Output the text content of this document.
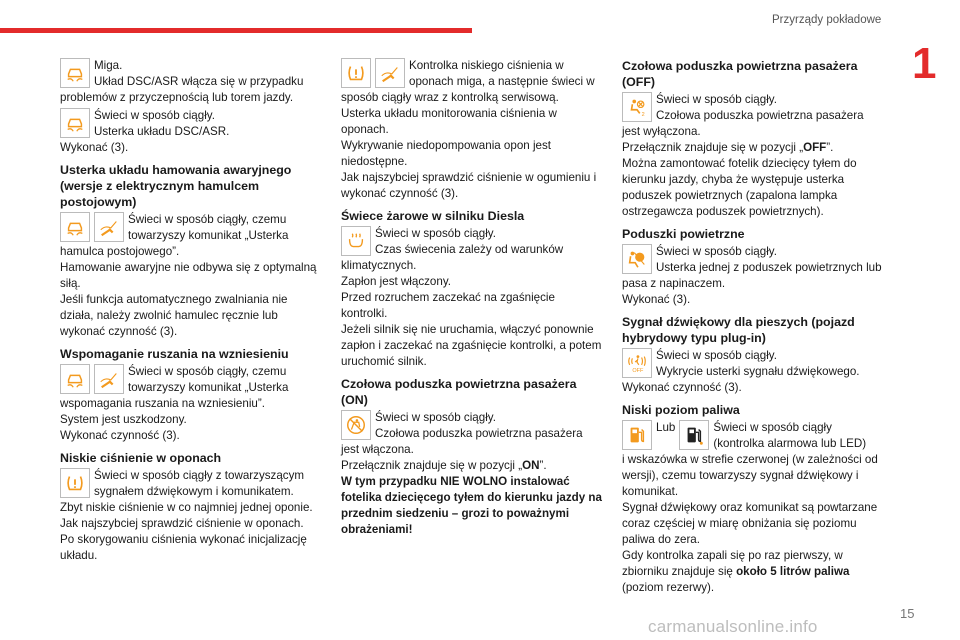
Przyrządy pokładowe
1

Miga.

Układ DSC/ASR włącza się w przypadku problemów z przyczepnością lub torem jazdy.

Świeci w sposób ciągły.

Usterka układu DSC/ASR.

Wykonać (3).

Usterka układu hamowania awaryjnego (wersje z elektrycznym hamulcem postojowym)

Świeci w sposób ciągły, czemu towarzyszy komunikat „Usterka hamulca postojowego”.

Hamowanie awaryjne nie odbywa się z optymalną siłą.

Jeśli funkcja automatycznego zwalniania nie działa, należy zwolnić hamulec ręcznie lub wykonać czynność (3).

Wspomaganie ruszania na wzniesieniu

Świeci w sposób ciągły, czemu towarzyszy komunikat „Usterka wspomagania ruszania na wzniesieniu”.

System jest uszkodzony.

Wykonać czynność (3).

Niskie ciśnienie w oponach

Świeci w sposób ciągły z towarzyszącym sygnałem dźwiękowym i komunikatem.

Zbyt niskie ciśnienie w co najmniej jednej oponie.

Jak najszybciej sprawdzić ciśnienie w oponach.

Po skorygowaniu ciśnienia wykonać inicjalizację układu.

Kontrolka niskiego ciśnienia w oponach miga, a następnie świeci w sposób ciągły wraz z kontrolką serwisową.

Usterka układu monitorowania ciśnienia w oponach.

Wykrywanie niedopompowania opon jest niedostępne.

Jak najszybciej sprawdzić ciśnienie w ogumieniu i wykonać czynność (3).

Świece żarowe w silniku Diesla

Świeci w sposób ciągły.

Czas świecenia zależy od warunków klimatycznych.

Zapłon jest włączony.

Przed rozruchem zaczekać na zgaśnięcie kontrolki.

Jeżeli silnik się nie uruchamia, włączyć ponownie zapłon i zaczekać na zgaśnięcie kontrolki, a potem uruchomić silnik.

Czołowa poduszka powietrzna pasażera (ON)

Świeci w sposób ciągły.

Czołowa poduszka powietrzna pasażera jest włączona.

Przełącznik znajduje się w pozycji „ON”.

W tym przypadku NIE WOLNO instalować fotelika dziecięcego tyłem do kierunku jazdy na przednim siedzeniu – grozi to poważnymi obrażeniami!

Czołowa poduszka powietrzna pasażera (OFF)
2

Świeci w sposób ciągły.

Czołowa poduszka powietrzna pasażera jest wyłączona.

Przełącznik znajduje się w pozycji „OFF”.

Można zamontować fotelik dziecięcy tyłem do kierunku jazdy, chyba że występuje usterka poduszek powietrznych (zapalona lampka ostrzegawcza poduszek powietrznych).

Poduszki powietrzne

Świeci w sposób ciągły.

Usterka jednej z poduszek powietrznych lub pasa z napinaczem.

Wykonać (3).

Sygnał dźwiękowy dla pieszych (pojazd hybrydowy typu plug-in)
OFF

Świeci w sposób ciągły.

Wykrycie usterki sygnału dźwiękowego.

Wykonać czynność (3).

Niski poziom paliwa
Lub	Świeci w sposób ciągły (kontrolka alarmowa lub LED)

i wskazówka w strefie czerwonej (w zależności od wersji), czemu towarzyszy sygnał dźwiękowy i komunikat.

Sygnał dźwiękowy oraz komunikat są powtarzane coraz częściej w miarę obniżania się poziomu paliwa do zera.

Gdy kontrolka zapali się po raz pierwszy, w zbiorniku znajduje się około 5 litrów paliwa (poziom rezerwy).

15
carmanualsonline.info
